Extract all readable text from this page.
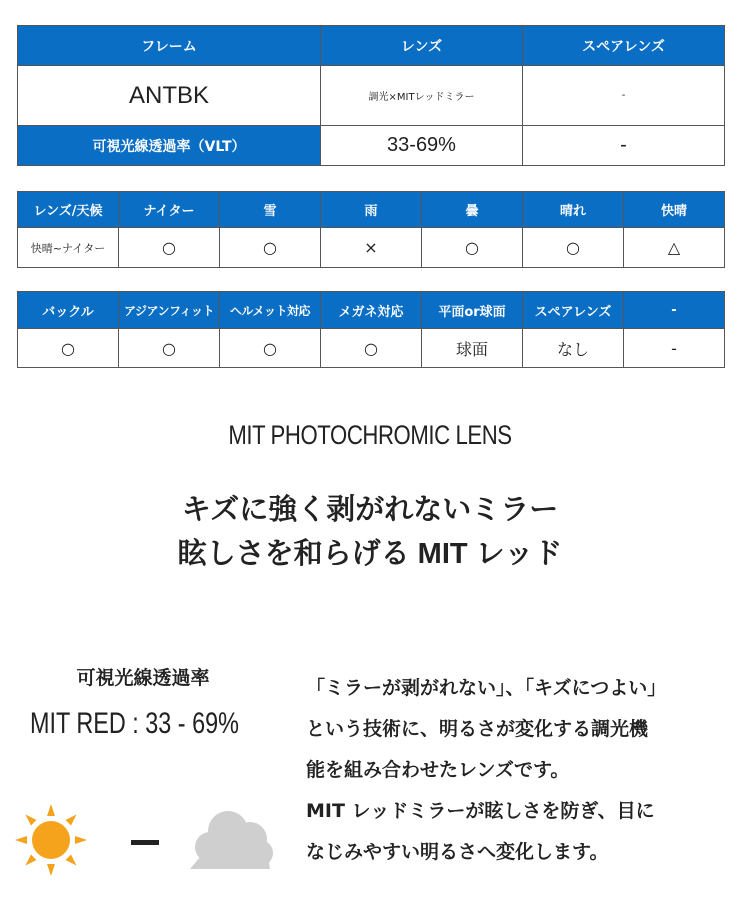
フレーム	レンズ	スペアレンズ
ANTBK	調光×MITレッドミラー	-
可視光線透過率（VLT）	33-69%	-
レンズ/天候	ナイター	雪	雨	曇	晴れ	快晴
快晴~ナイター	○	○	×	○	○	△
バックル	アジアンフィット	ヘルメット対応	メガネ対応	平面or球面	スペアレンズ	-
○	○	○	○	球面	なし	-
MIT PHOTOCHROMIC LENS
キズに強く剥がれないミラー
眩しさを和らげる MIT レッド
可視光線透過率
MIT RED : 33 - 69%
「ミラーが剥がれない」、「キズにつよい」
という技術に、明るさが変化する調光機
能を組み合わせたレンズです。
MIT レッドミラーが眩しさを防ぎ、目に
なじみやすい明るさへ変化します。
